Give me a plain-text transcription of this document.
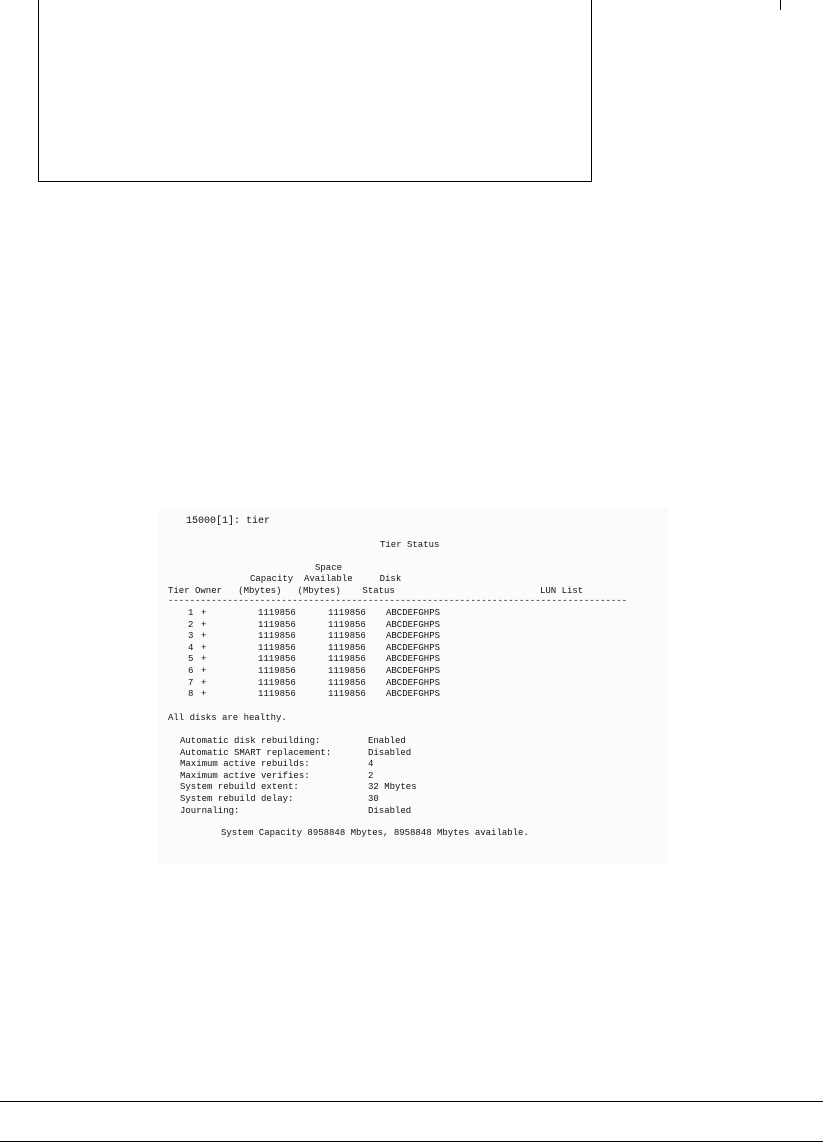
15000[1]: tier
Tier Status
Space
Capacity  Available     Disk
Tier Owner   (Mbytes)   (Mbytes)    Status	LUN List
-------------------------------------------------------------------------------------
1 +	1119856	1119856 ABCDEFGHPS
2 +	1119856	1119856 ABCDEFGHPS
3 +	1119856	1119856 ABCDEFGHPS
4 +	1119856	1119856 ABCDEFGHPS
5 +	1119856	1119856 ABCDEFGHPS
6 +	1119856	1119856 ABCDEFGHPS
7 +	1119856	1119856 ABCDEFGHPS
8 +	1119856	1119856 ABCDEFGHPS
All disks are healthy.
Automatic disk rebuilding:	Enabled
Automatic SMART replacement:	Disabled
Maximum active rebuilds:	4
Maximum active verifies:	2
System rebuild extent:	32 Mbytes
System rebuild delay:	30
Journaling:	Disabled
System Capacity 8958848 Mbytes, 8958848 Mbytes available.
